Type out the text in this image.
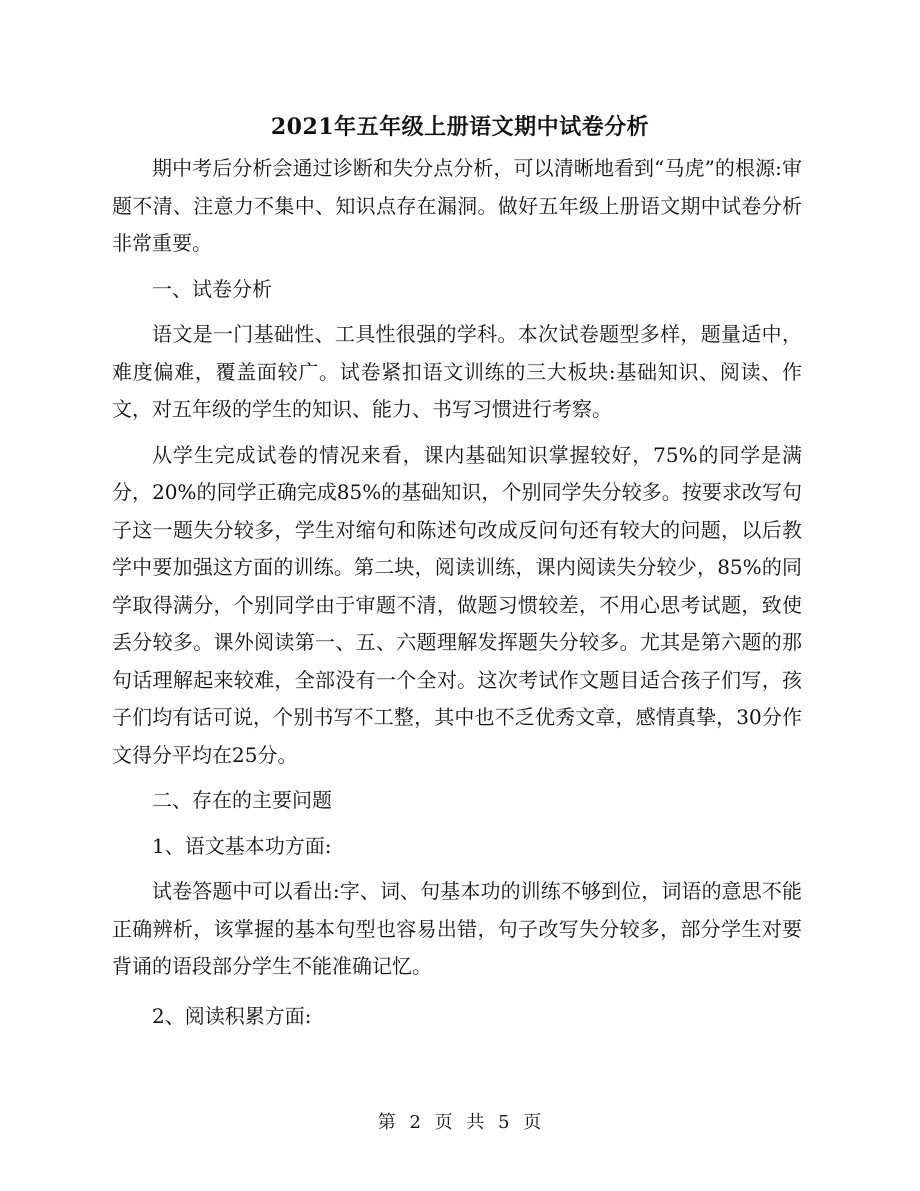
2021年五年级上册语文期中试卷分析

期中考后分析会通过诊断和失分点分析，可以清晰地看到“马虎”的根源:审题不清、注意力不集中、知识点存在漏洞。做好五年级上册语文期中试卷分析非常重要。

一、试卷分析

语文是一门基础性、工具性很强的学科。本次试卷题型多样，题量适中，难度偏难，覆盖面较广。试卷紧扣语文训练的三大板块:基础知识、阅读、作文，对五年级的学生的知识、能力、书写习惯进行考察。

从学生完成试卷的情况来看，课内基础知识掌握较好，75%的同学是满分，20%的同学正确完成85%的基础知识，个别同学失分较多。按要求改写句子这一题失分较多，学生对缩句和陈述句改成反问句还有较大的问题，以后教学中要加强这方面的训练。第二块，阅读训练，课内阅读失分较少，85%的同学取得满分，个别同学由于审题不清，做题习惯较差，不用心思考试题，致使丢分较多。课外阅读第一、五、六题理解发挥题失分较多。尤其是第六题的那句话理解起来较难，全部没有一个全对。这次考试作文题目适合孩子们写，孩子们均有话可说，个别书写不工整，其中也不乏优秀文章，感情真挚，30分作文得分平均在25分。

二、存在的主要问题

1、语文基本功方面:

试卷答题中可以看出:字、词、句基本功的训练不够到位，词语的意思不能正确辨析，该掌握的基本句型也容易出错，句子改写失分较多，部分学生对要背诵的语段部分学生不能准确记忆。

2、阅读积累方面:

第 2 页 共 5 页
